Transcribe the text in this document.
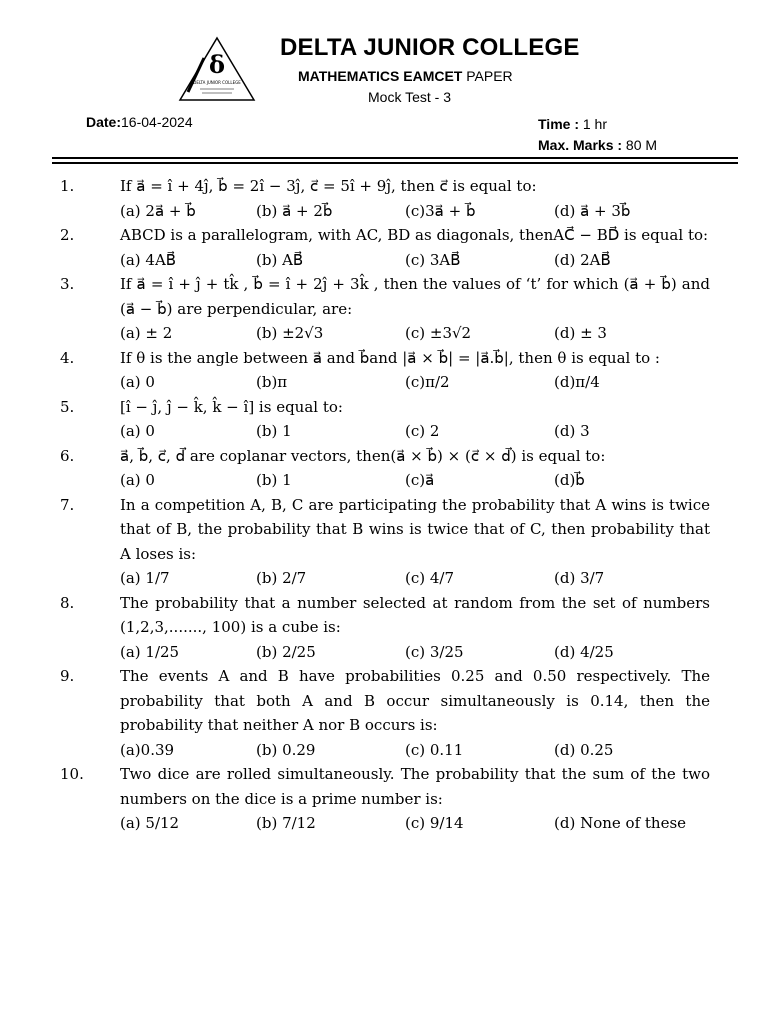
δ
DELTA JUNIOR COLLEGE
DELTA JUNIOR COLLEGE
MATHEMATICS EAMCET PAPER
Mock Test - 3
Date:16-04-2024	Time : 1 hr
Max. Marks : 80 M
1.	If a⃗ = î + 4ĵ, b⃗ = 2î − 3ĵ, c⃗ = 5î + 9ĵ, then c⃗ is equal to:
(a) 2a⃗ + b⃗	(b) a⃗ + 2b⃗	(c)3a⃗ + b⃗	(d) a⃗ + 3b⃗
2.	ABCD is a parallelogram, with AC, BD as diagonals, thenAC⃗ − BD⃗ is equal to:
(a) 4AB⃗	(b) AB⃗	(c) 3AB⃗	(d) 2AB⃗
3.	If a⃗ = î + ĵ + tk̂ , b⃗ = î + 2ĵ + 3k̂ , then the values of ‘t’ for which (a⃗ + b⃗) and (a⃗ − b⃗) are perpendicular, are:
(a) ± 2	(b) ±2√3	(c) ±3√2	(d) ± 3
4.	If θ is the angle between a⃗ and b⃗and |a⃗ × b⃗| = |a⃗.b⃗|, then θ is equal to :
(a) 0	(b)π	(c)π/2	(d)π/4
5.	[î − ĵ, ĵ − k̂, k̂ − î] is equal to:
(a) 0	(b) 1	(c) 2	(d) 3
6.	a⃗, b⃗, c⃗, d⃗ are coplanar vectors, then(a⃗ × b⃗) × (c⃗ × d⃗) is equal to:
(a) 0	(b) 1	(c)a⃗	(d)b⃗
7.	In a competition A, B, C are participating the probability that A wins is twice that of B, the probability that B wins is twice that of C, then probability that A loses is:
(a) 1/7	(b) 2/7	(c) 4/7	(d) 3/7
8.	The probability that a number selected at random from the set of numbers (1,2,3,......., 100) is a cube is:
(a) 1/25	(b) 2/25	(c) 3/25	(d) 4/25
9.	The events A and B have probabilities 0.25 and 0.50 respectively. The probability that both A and B occur simultaneously is 0.14, then the probability that neither A nor B occurs is:
(a)0.39	(b) 0.29	(c) 0.11	(d) 0.25
10. Two dice are rolled simultaneously. The probability that the sum of the two numbers on the dice is a prime number is:
(a) 5/12	(b) 7/12	(c) 9/14	(d) None of these
